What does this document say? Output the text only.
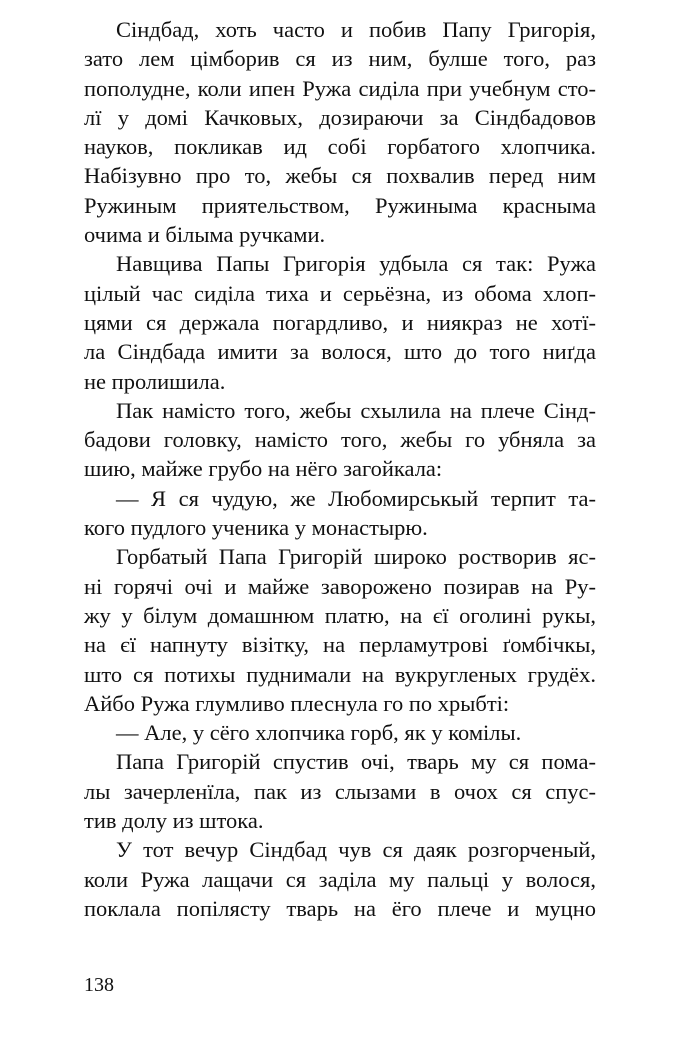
Сіндбад, хоть часто и побив Папу Григорія,
зато лем цімборив ся из ним, булше того, раз
пополудне, коли ипен Ружа сиділа при учебнум сто-
лї у домі Качковых, дозираючи за Сіндбадовов
науков, покликав ид собі горбатого хлопчика.
Набізувно про то, жебы ся похвалив перед ним
Ружиным приятельством, Ружиныма красныма
очима и білыма ручками.
Навщива Папы Григорія удбыла ся так: Ружа
цілый час сиділа тиха и серьёзна, из обома хлоп-
цями ся держала погардливо, и ниякраз не хотї-
ла Сіндбада имити за волося, што до того ниґда
не пролишила.
Пак намісто того, жебы схылила на плече Сінд-
бадови головку, намісто того, жебы го убняла за
шию, майже грубо на нёго загойкала:
— Я ся чудую, же Любомирськый терпит та-
кого пудлого ученика у монастырю.
Горбатый Папа Григорій широко ростворив яс-
ні горячі очі и майже заворожено позирав на Ру-
жу у білум домашнюм платю, на єї оголині рукы,
на єї напнуту візітку, на перламутрові ґомбічкы,
што ся потихы пуднимали на вукругленых грудёх.
Айбо Ружа глумливо плеснула го по хрыбті:
— Але, у сёго хлопчика горб, як у комілы.
Папа Григорій спустив очі, тварь му ся помa-
лы зачерленїла, пак из слызами в очох ся спус-
тив долу из штока.
У тот вечур Сіндбад чув ся даяк розгорченый,
коли Ружа лащачи ся заділа му пальці у волося,
поклала попілясту тварь на ёго плече и муцно
138
